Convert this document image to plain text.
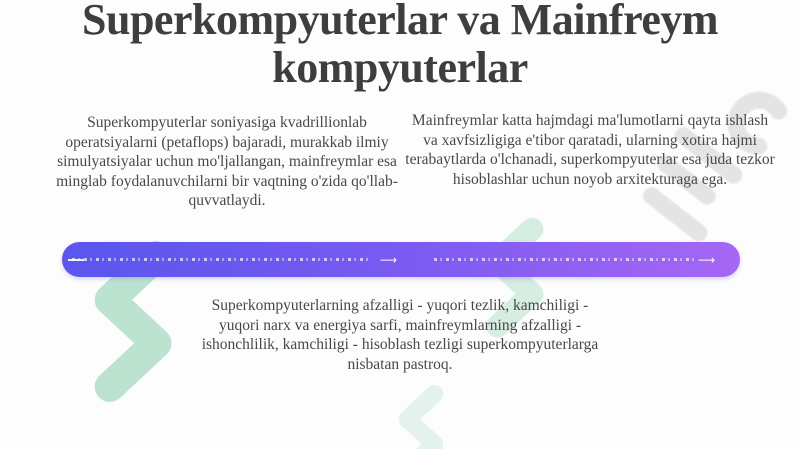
Superkompyuterlar va Mainfreym kompyuterlar
Superkompyuterlar soniyasiga kvadrillionlab operatsiyalarni (petaflops) bajaradi, murakkab ilmiy simulyatsiyalar uchun mo'ljallangan, mainfreymlar esa minglab foydalanuvchilarni bir vaqtning o'zida qo'llab-quvvatlaydi.
Mainfreymlar katta hajmdagi ma'lumotlarni qayta ishlash va xavfsizligiga e'tibor qaratadi, ularning xotira hajmi terabaytlarda o'lchanadi, superkompyuterlar esa juda tezkor hisoblashlar uchun noyob arxitekturaga ega.
⟶	⟶
Superkompyuterlarning afzalligi - yuqori tezlik, kamchiligi - yuqori narx va energiya sarfi, mainfreymlarning afzalligi - ishonchlilik, kamchiligi - hisoblash tezligi superkompyuterlarga nisbatan pastroq.
